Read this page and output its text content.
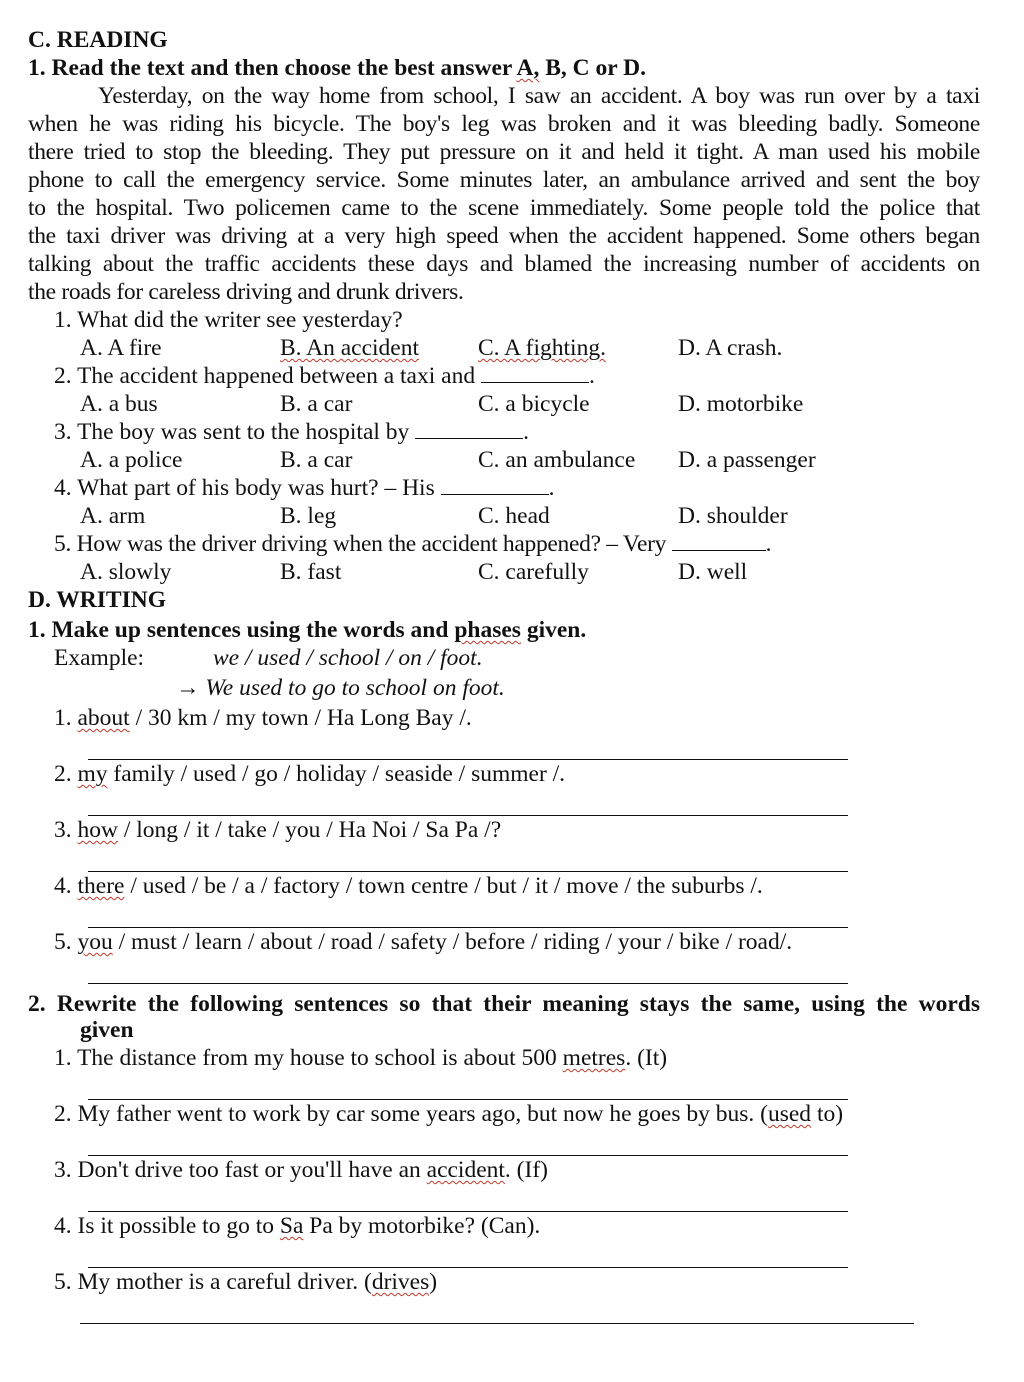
C. READING
1. Read the text and then choose the best answer A, B, C or D.
Yesterday, on the way home from school, I saw an accident. A boy was run over by a taxi
when he was riding his bicycle. The boy's leg was broken and it was bleeding badly. Someone
there tried to stop the bleeding. They put pressure on it and held it tight. A man used his mobile
phone to call the emergency service. Some minutes later, an ambulance arrived and sent the boy
to the hospital. Two policemen came to the scene immediately. Some people told the police that
the taxi driver was driving at a very high speed when the accident happened. Some others began
talking about the traffic accidents these days and blamed the increasing number of accidents on
the roads for careless driving and drunk drivers.
1. What did the writer see yesterday?
A. A fire	B. An accident	C. A fighting.	D. A crash.
2. The accident happened between a taxi and	.
A. a bus	B. a car	C. a bicycle	D. motorbike
3. The boy was sent to the hospital by	.
A. a police	B. a car	C. an ambulance D. a passenger
4. What part of his body was hurt? – His	.
A. arm	B. leg	C. head	D. shoulder
5. How was the driver driving when the accident happened? – Very	.
A. slowly	B. fast	C. carefully	D. well
D. WRITING
1. Make up sentences using the words and phases given.
Example:	we / used / school / on / foot.
→ We used to go to school on foot.
1. about / 30 km / my town / Ha Long Bay /.
2. my family / used / go / holiday / seaside / summer /.
3. how / long / it / take / you / Ha Noi / Sa Pa /?
4. there / used / be / a / factory / town centre / but / it / move / the suburbs /.
5. you / must / learn / about / road / safety / before / riding / your / bike / road/.
2. Rewrite the following sentences so that their meaning stays the same, using the words
given
1. The distance from my house to school is about 500 metres. (It)
2. My father went to work by car some years ago, but now he goes by bus. (used to)
3. Don't drive too fast or you'll have an accident. (If)
4. Is it possible to go to Sa Pa by motorbike? (Can).
5. My mother is a careful driver. (drives)
